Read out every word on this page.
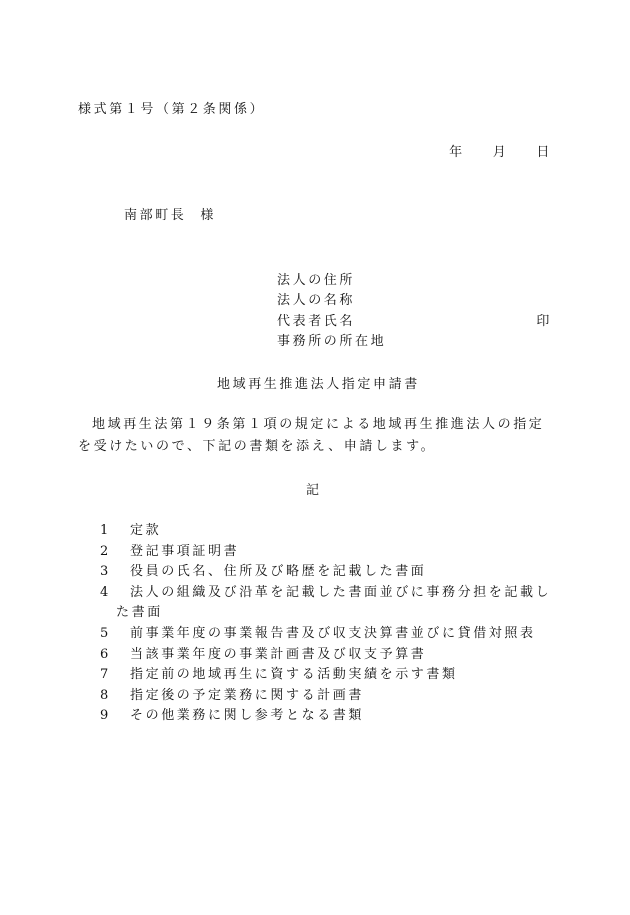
様式第１号（第２条関係）
年 月 日
南部町長 様
法人の住所
法人の名称
代表者氏名	印
事務所の所在地
地域再生推進法人指定申請書
地域再生法第１９条第１項の規定による地域再生推進法人の指定を受けたいので、下記の書類を添え、申請します。
記
1	定款
2	登記事項証明書
3	役員の氏名、住所及び略歴を記載した書面
4	法人の組織及び沿革を記載した書面並びに事務分担を記載し
た書面
5	前事業年度の事業報告書及び収支決算書並びに貸借対照表
6	当該事業年度の事業計画書及び収支予算書
7	指定前の地域再生に資する活動実績を示す書類
8	指定後の予定業務に関する計画書
9	その他業務に関し参考となる書類
